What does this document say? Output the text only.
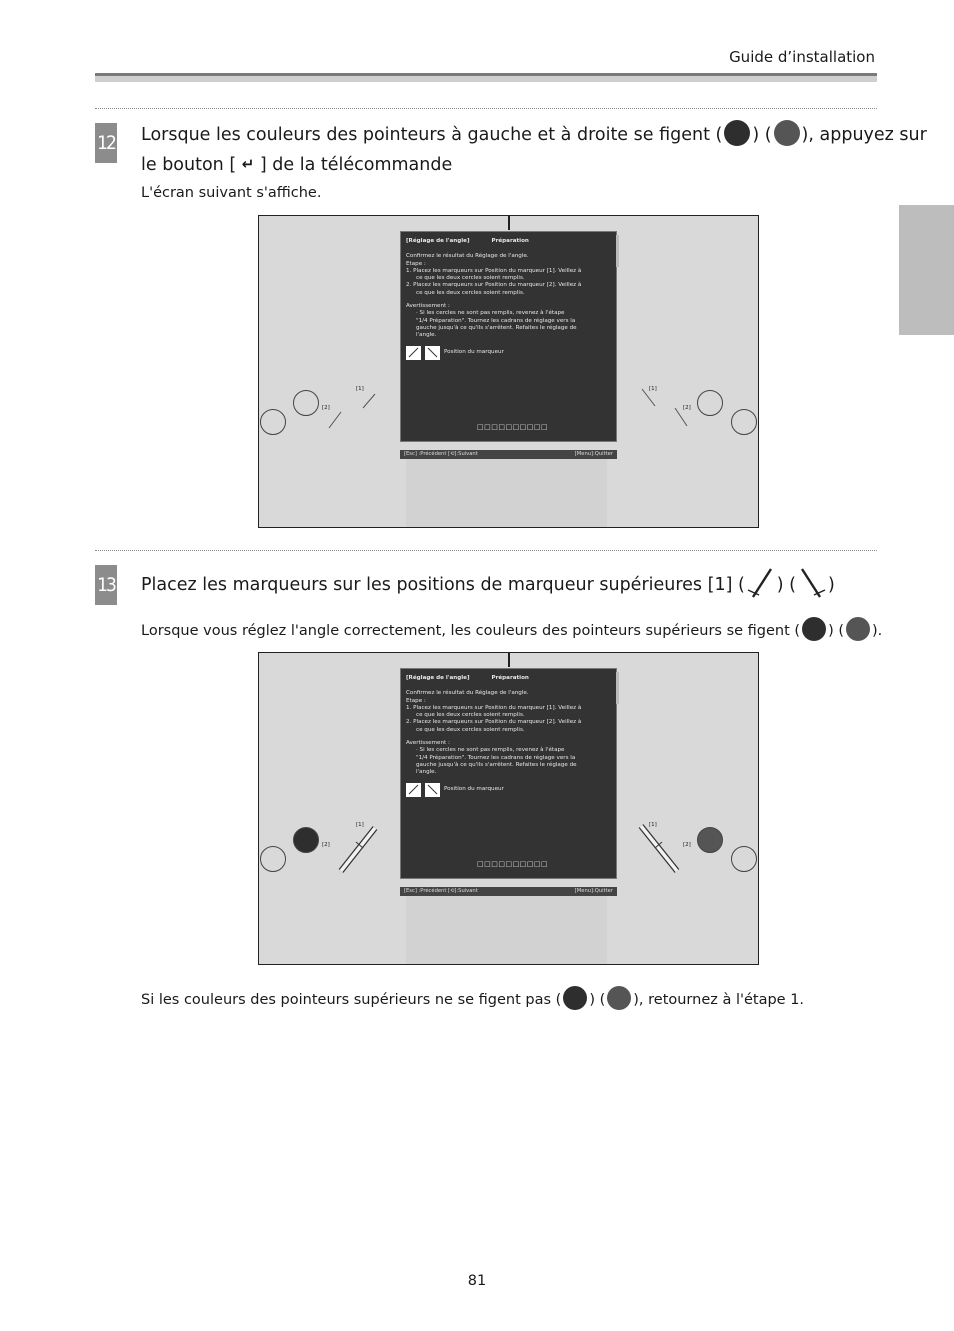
Guide d’installation
12 Lorsque les couleurs des pointeurs à gauche et à droite se figent ( ) ( ), appuyez sur
le bouton [ ↵ ] de la télécommande
L'écran suivant s'affiche.
[Réglage de l'angle]	Préparation
Confirmez le résultat du Réglage de l'angle.
Etape :
1. Placez les marqueurs sur Position du marqueur [1]. Veillez à
ce que les deux cercles soient remplis.
2. Placez les marqueurs sur Position du marqueur [2]. Veillez à
ce que les deux cercles soient remplis.
Avertissement :
· Si les cercles ne sont pas remplis, revenez à l'étape
"1/4 Préparation". Tournez les cadrans de réglage vers la
gauche jusqu'à ce qu'ils s'arrêtent. Refaites le réglage de
l'angle.
Position du marqueur
□□□□□□□□□□
[Esc] :Précédent [⟲]:Suivant	[Menu]:Quitter
[1]
[2]
[1]
[2]
13 Placez les marqueurs sur les positions de marqueur supérieures [1] ( ) ( )
Lorsque vous réglez l'angle correctement, les couleurs des pointeurs supérieurs se figent ( ) ( ).
[Réglage de l'angle]	Préparation
Confirmez le résultat du Réglage de l'angle.
Etape :
1. Placez les marqueurs sur Position du marqueur [1]. Veillez à
ce que les deux cercles soient remplis.
2. Placez les marqueurs sur Position du marqueur [2]. Veillez à
ce que les deux cercles soient remplis.
Avertissement :
· Si les cercles ne sont pas remplis, revenez à l'étape
"1/4 Préparation". Tournez les cadrans de réglage vers la
gauche jusqu'à ce qu'ils s'arrêtent. Refaites le réglage de
l'angle.
Position du marqueur
□□□□□□□□□□
[Esc] :Précédent [⟲]:Suivant	[Menu]:Quitter
[1]
[2]
[1]
[2]
Si les couleurs des pointeurs supérieurs ne se figent pas ( ) ( ), retournez à l'étape 1.
81
